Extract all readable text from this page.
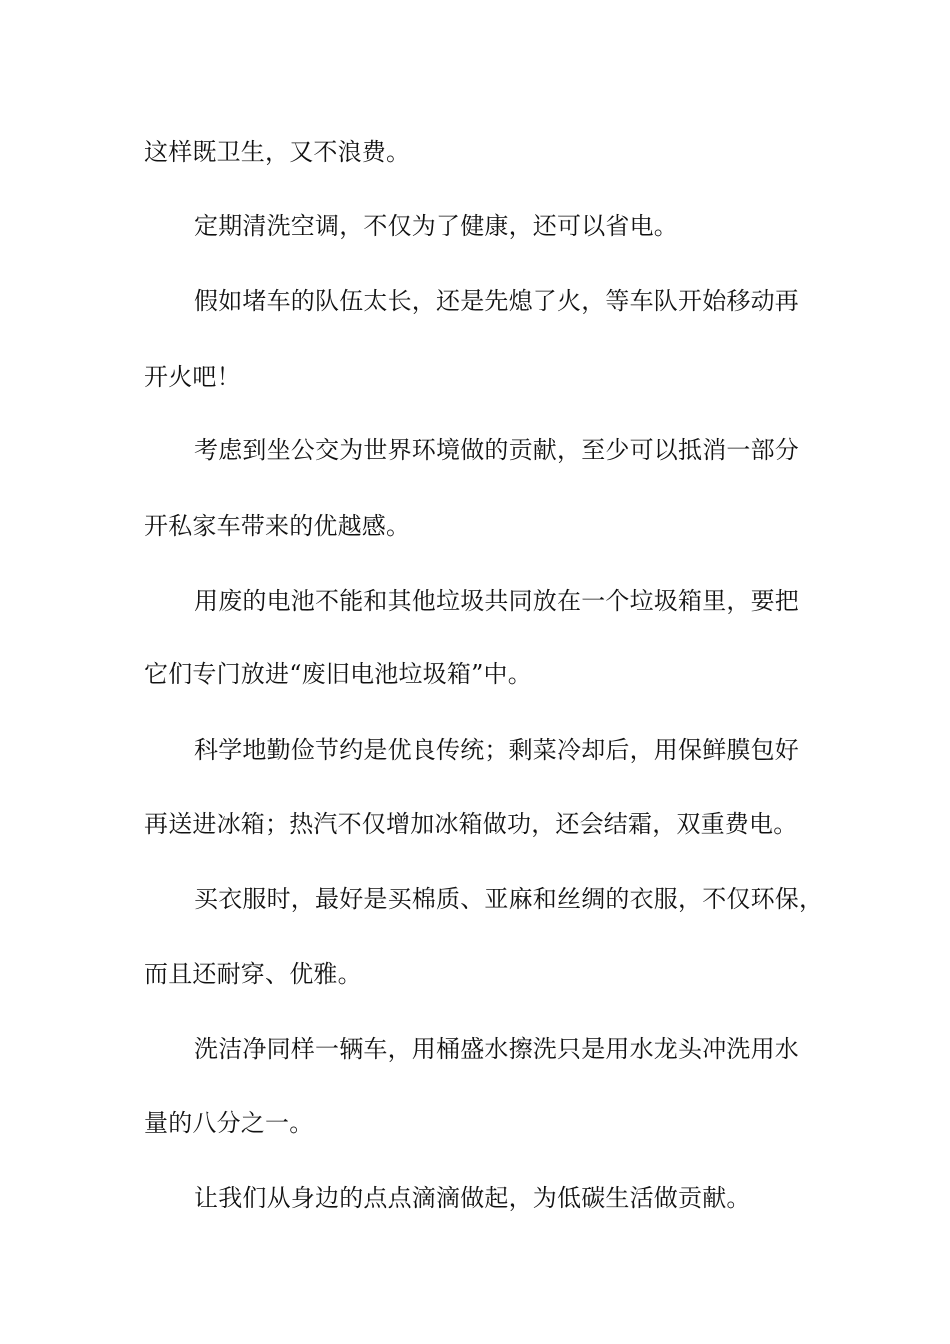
这样既卫生，又不浪费。
定期清洗空调，不仅为了健康，还可以省电。
假如堵车的队伍太长，还是先熄了火，等车队开始移动再
开火吧！
考虑到坐公交为世界环境做的贡献，至少可以抵消一部分
开私家车带来的优越感。
用废的电池不能和其他垃圾共同放在一个垃圾箱里，要把
它们专门放进“废旧电池垃圾箱”中。
科学地勤俭节约是优良传统；剩菜冷却后，用保鲜膜包好
再送进冰箱；热汽不仅增加冰箱做功，还会结霜，双重费电。
买衣服时，最好是买棉质、亚麻和丝绸的衣服，不仅环保，
而且还耐穿、优雅。
洗洁净同样一辆车，用桶盛水擦洗只是用水龙头冲洗用水
量的八分之一。
让我们从身边的点点滴滴做起，为低碳生活做贡献。
